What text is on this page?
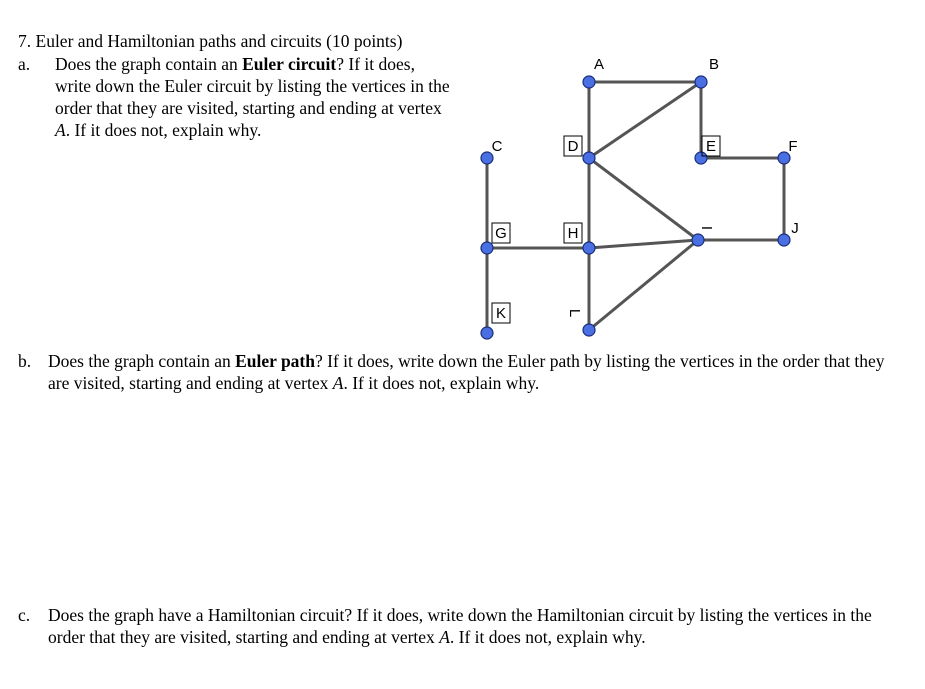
7. Euler and Hamiltonian paths and circuits (10 points)
a. Does the graph contain an Euler circuit? If it does, write down the Euler circuit by listing the vertices in the order that they are visited, starting and ending at vertex A. If it does not, explain why.
A	B
C	D	E	F
G	H	I	J
K	L
b. Does the graph contain an Euler path? If it does, write down the Euler path by listing the vertices in the order that they are visited, starting and ending at vertex A. If it does not, explain why.
c. Does the graph have a Hamiltonian circuit? If it does, write down the Hamiltonian circuit by listing the vertices in the order that they are visited, starting and ending at vertex A. If it does not, explain why.
